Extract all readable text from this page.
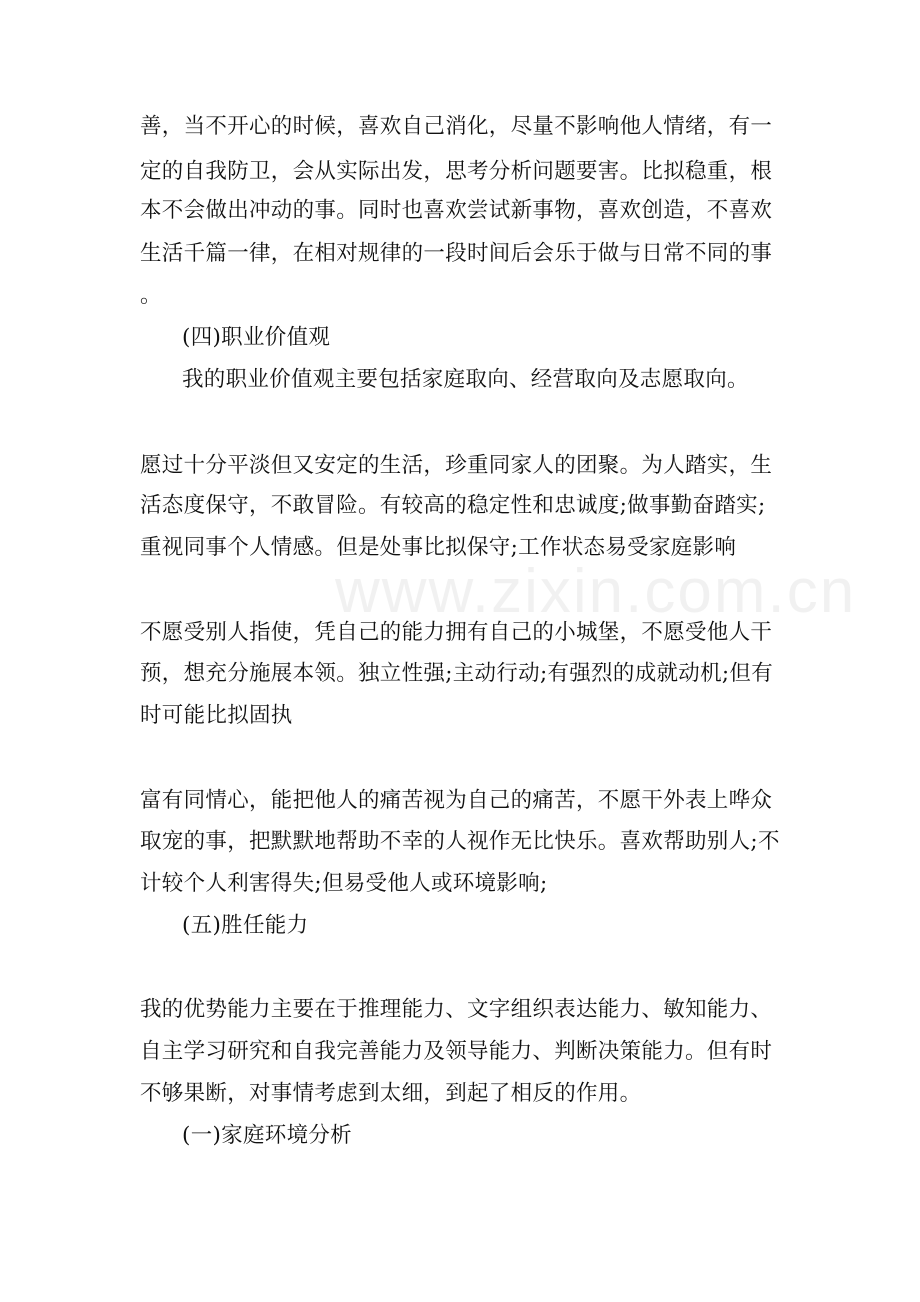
www.zixin.com.cn
善，当不开心的时候，喜欢自己消化，尽量不影响他人情绪，有一
定的自我防卫，会从实际出发，思考分析问题要害。比拟稳重，根
本不会做出冲动的事。同时也喜欢尝试新事物，喜欢创造，不喜欢
生活千篇一律，在相对规律的一段时间后会乐于做与日常不同的事
。
(四)职业价值观
我的职业价值观主要包括家庭取向、经营取向及志愿取向。
愿过十分平淡但又安定的生活，珍重同家人的团聚。为人踏实，生
活态度保守，不敢冒险。有较高的稳定性和忠诚度;做事勤奋踏实;
重视同事个人情感。但是处事比拟保守;工作状态易受家庭影响
不愿受别人指使，凭自己的能力拥有自己的小城堡，不愿受他人干
预，想充分施展本领。独立性强;主动行动;有强烈的成就动机;但有
时可能比拟固执
富有同情心，能把他人的痛苦视为自己的痛苦，不愿干外表上哗众
取宠的事，把默默地帮助不幸的人视作无比快乐。喜欢帮助别人;不
计较个人利害得失;但易受他人或环境影响;
(五)胜任能力
我的优势能力主要在于推理能力、文字组织表达能力、敏知能力、
自主学习研究和自我完善能力及领导能力、判断决策能力。但有时
不够果断，对事情考虑到太细，到起了相反的作用。
(一)家庭环境分析
